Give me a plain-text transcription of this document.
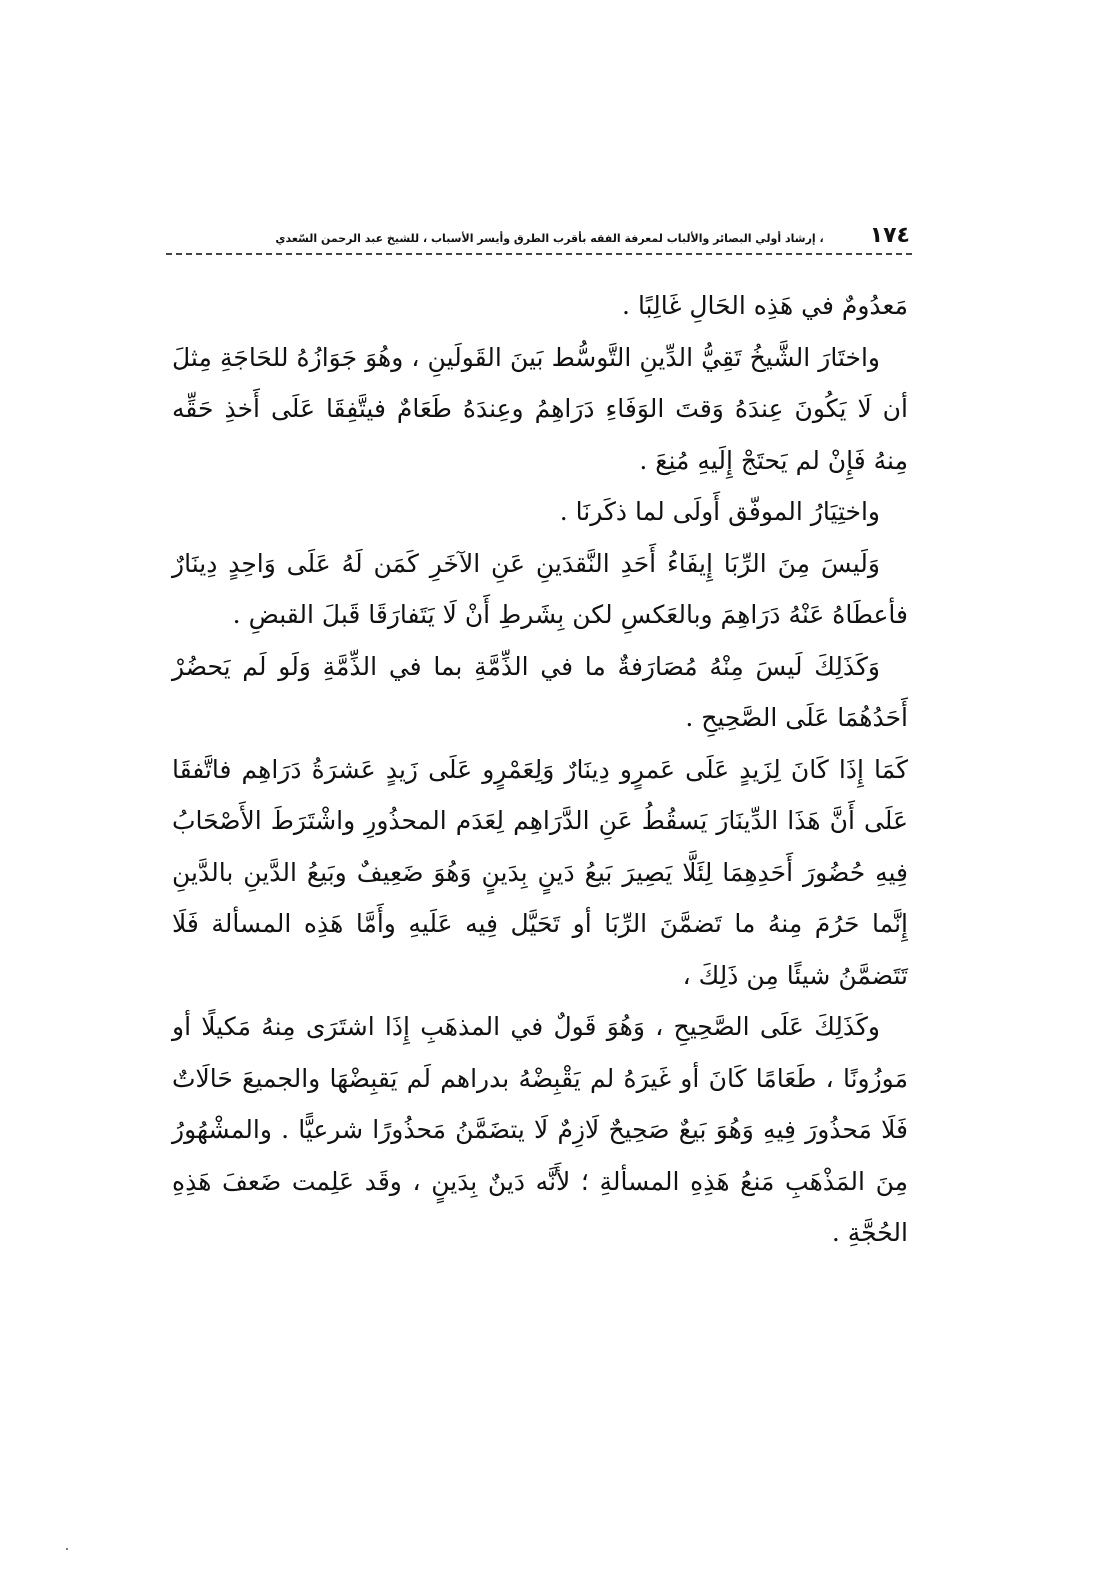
١٧٤
، إرشاد أولي البصائر والألباب لمعرفة الفقه بأقرب الطرق وأيسر الأسباب ، للشيخ عبد الرحمن السّعدي

مَعدُومٌ في هَذِه الحَالِ غَالِبًا .

واختَارَ الشَّيخُ تَقِيُّ الدِّينِ التَّوسُّط بَينَ القَولَينِ ، وهُوَ جَوَازُهُ للحَاجَةِ مِثلَ أن لَا يَكُونَ عِندَهُ وَقتَ الوَفَاءِ دَرَاهِمُ وعِندَهُ طَعَامٌ فيتَّفِقَا عَلَى أَخذِ حَقِّه مِنهُ فَإِنْ لم يَحتَجْ إِلَيهِ مُنِعَ .

واختِيَارُ الموفّق أَولَى لما ذكَرنَا .

وَلَيسَ مِنَ الرِّبَا إِيفَاءُ أَحَدِ النَّقدَينِ عَنِ الآخَرِ كَمَن لَهُ عَلَى وَاحِدٍ دِينَارٌ فأعطَاهُ عَنْهُ دَرَاهِمَ وبالعَكسِ لكن بِشَرطِ أَنْ لَا يَتَفارَقَا قَبلَ القبضِ .

وَكَذَلِكَ لَيسَ مِنْهُ مُصَارَفةٌ ما في الذِّمَّةِ بما في الذِّمَّةِ وَلَو لَم يَحضُرْ أَحَدُهُمَا عَلَى الصَّحِيحِ .

كَمَا إِذَا كَانَ لِزَيدٍ عَلَى عَمرٍو دِينَارٌ وَلِعَمْرٍو عَلَى زَيدٍ عَشرَةُ دَرَاهِم فاتَّفقَا عَلَى أَنَّ هَذَا الدِّينَارَ يَسقُطُ عَنِ الدَّرَاهِم لِعَدَم المحذُورِ واشْتَرَطَ الأَصْحَابُ فِيهِ حُضُورَ أَحَدِهِمَا لِئَلَّا يَصِيرَ بَيعُ دَينٍ بِدَينٍ وَهُوَ ضَعِيفٌ وبَيعُ الدَّينِ بالدَّينِ إِنَّما حَرُمَ مِنهُ ما تَضمَّنَ الرِّبَا أو تَحَيَّل فِيه عَلَيهِ وأَمَّا هَذِه المسألة فَلَا تَتَضمَّنُ شيئًا مِن ذَلِكَ ،

وكَذَلِكَ عَلَى الصَّحِيحِ ، وَهُوَ قَولٌ في المذهَبِ إِذَا اشتَرَى مِنهُ مَكيلًا أو مَوزُونًا ، طَعَامًا كَانَ أو غَيرَهُ لم يَقْبِضْهُ بدراهم لَم يَقبِضْهَا والجميعَ حَالَاتٌ فَلَا مَحذُورَ فِيهِ وَهُوَ بَيعٌ صَحِيحٌ لَازِمٌ لَا يتضَمَّنُ مَحذُورًا شرعيًّا . والمشْهُورُ مِنَ المَذْهَبِ مَنعُ هَذِهِ المسألةِ ؛ لأَنَّه دَينٌ بِدَينٍ ، وقَد عَلِمت ضَعفَ هَذِهِ الحُجَّةِ .
